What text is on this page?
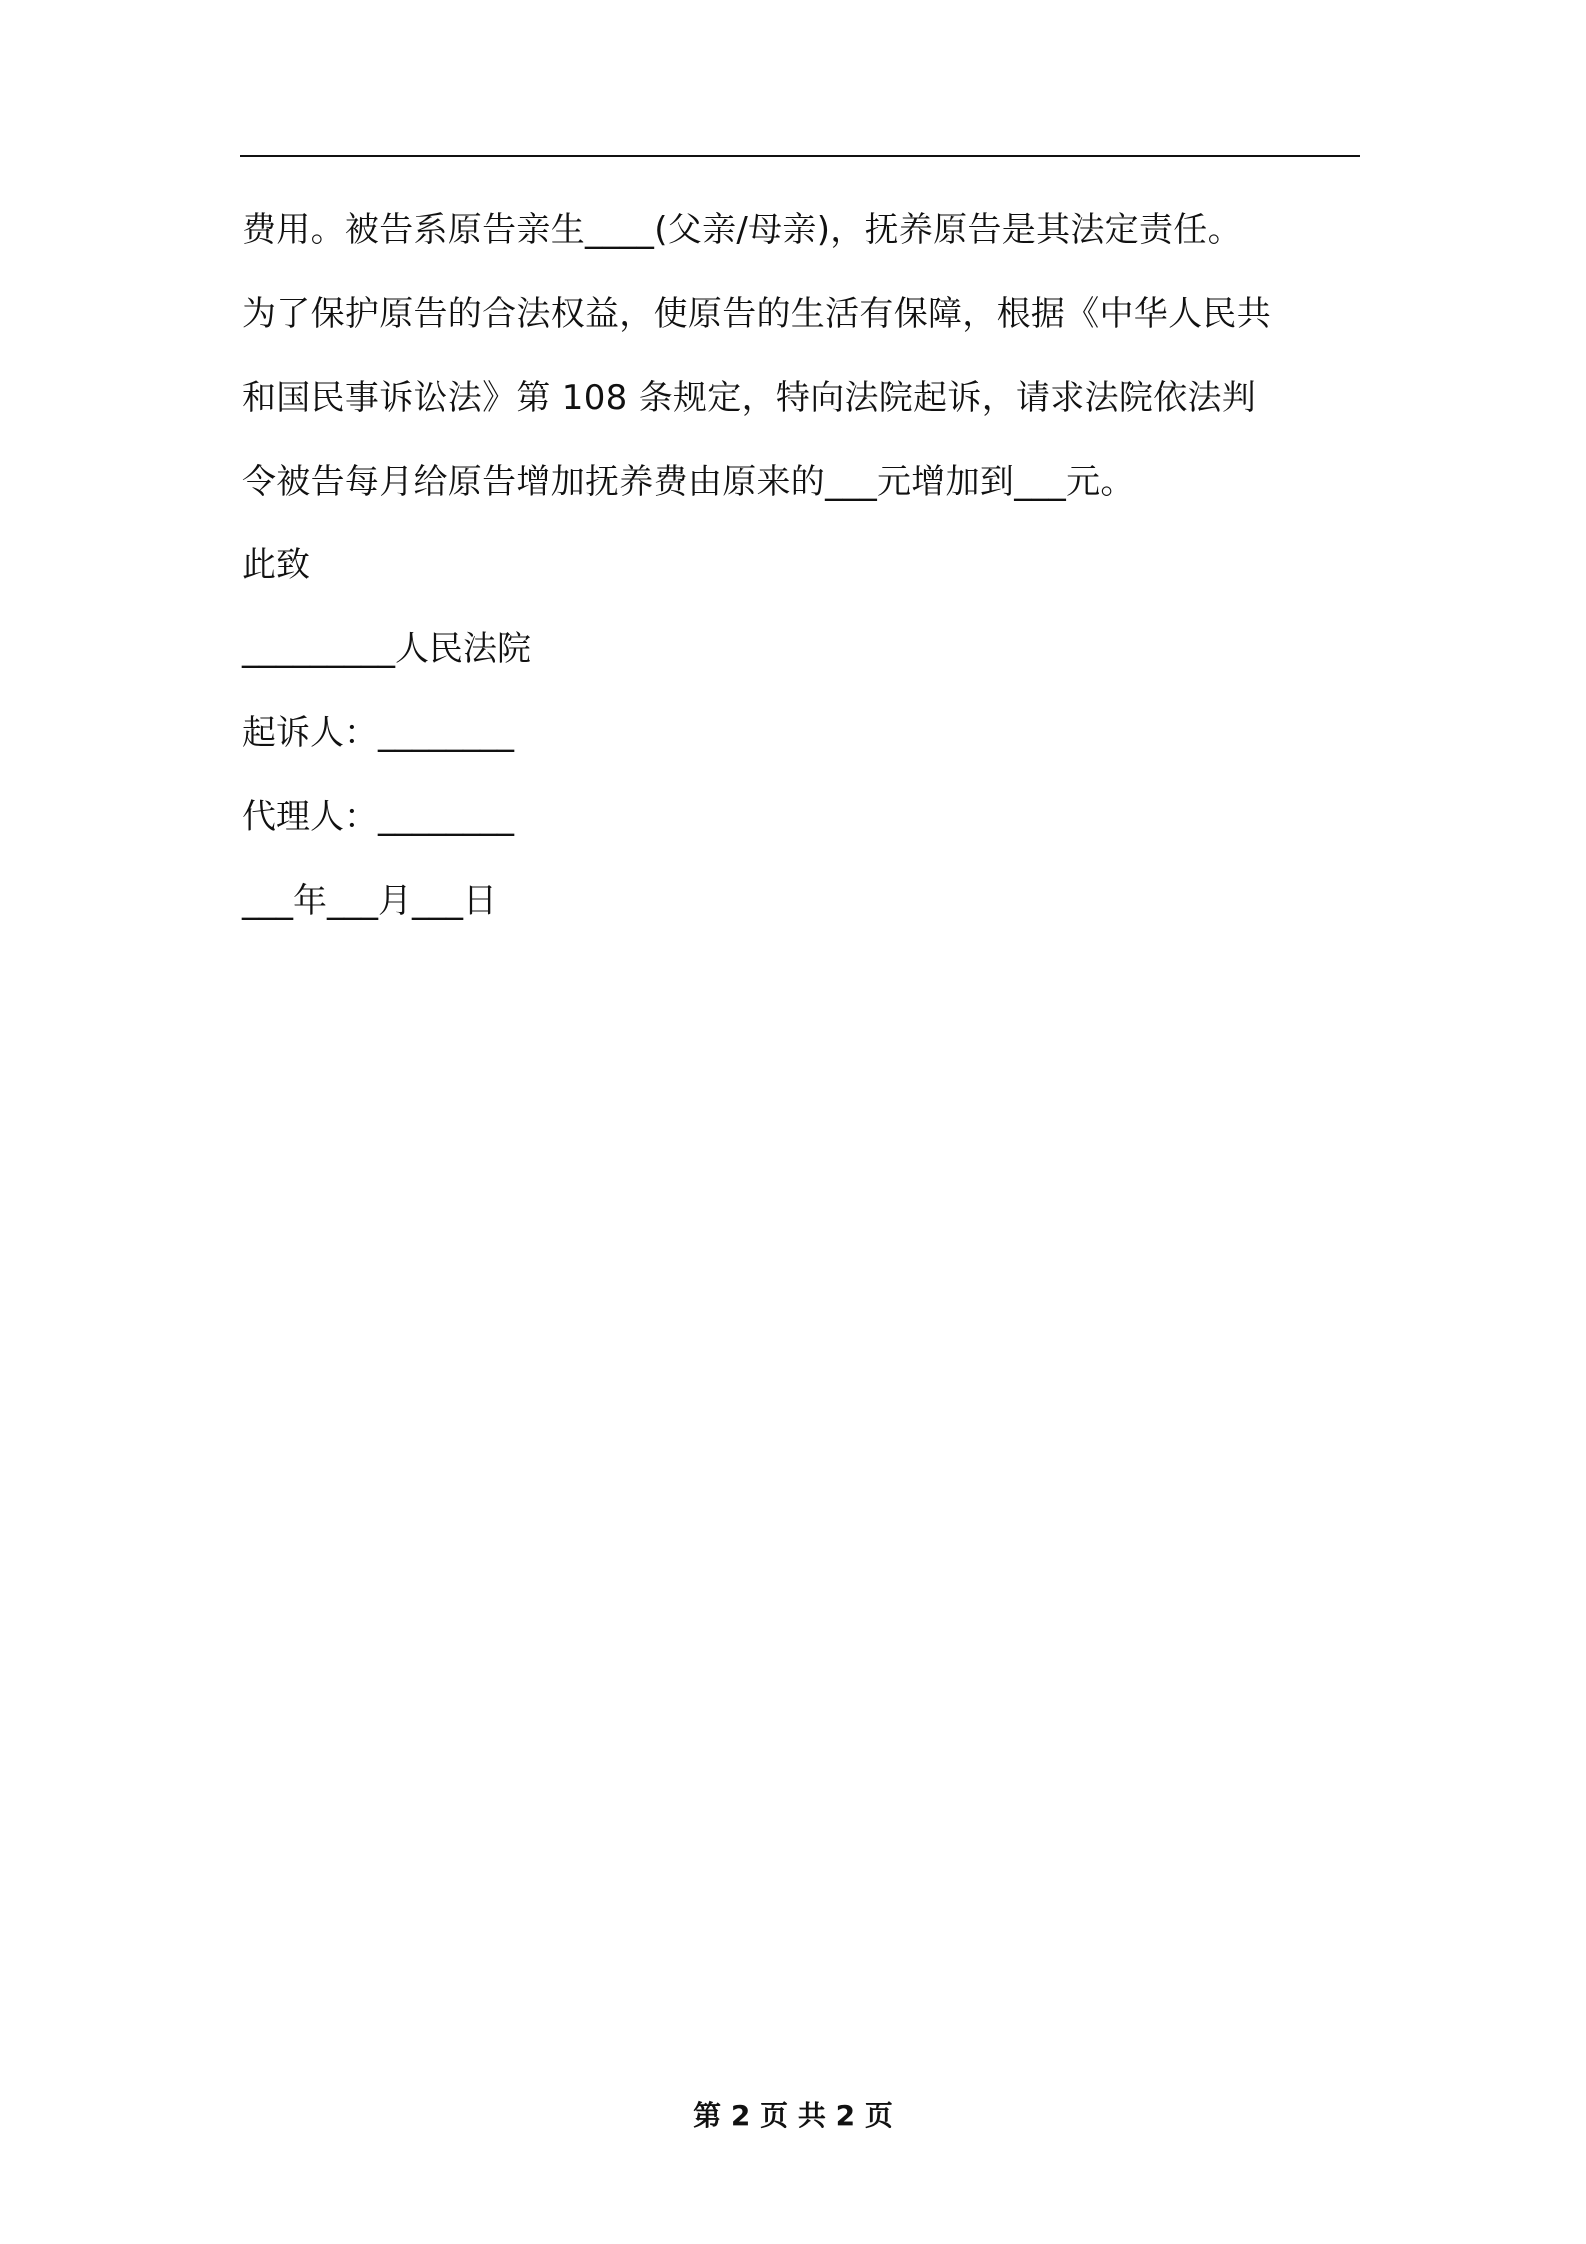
费用。被告系原告亲生____(父亲/母亲)，抚养原告是其法定责任。
为了保护原告的合法权益，使原告的生活有保障，根据《中华人民共
和国民事诉讼法》第 108 条规定，特向法院起诉，请求法院依法判
令被告每月给原告增加抚养费由原来的___元增加到___元。

此致

_________人民法院

起诉人：________

代理人：________

___年___月___日

第 2 页 共 2 页
